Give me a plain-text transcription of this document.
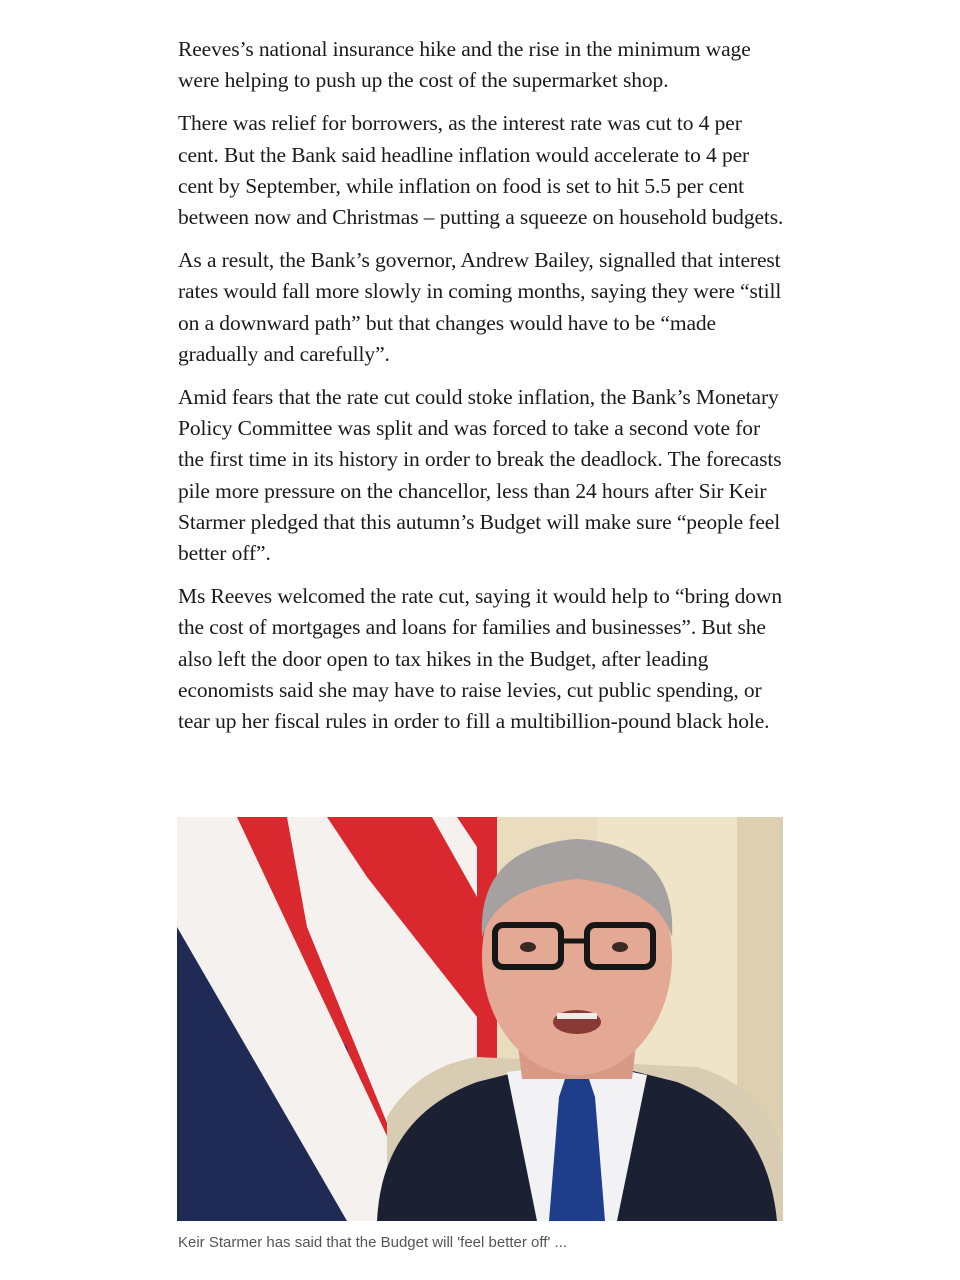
Reeves’s national insurance hike and the rise in the minimum wage were helping to push up the cost of the supermarket shop.

There was relief for borrowers, as the interest rate was cut to 4 per cent. But the Bank said headline inflation would accelerate to 4 per cent by September, while inflation on food is set to hit 5.5 per cent between now and Christmas – putting a squeeze on household budgets.

As a result, the Bank’s governor, Andrew Bailey, signalled that interest rates would fall more slowly in coming months, saying they were “still on a downward path” but that changes would have to be “made gradually and carefully”.

Amid fears that the rate cut could stoke inflation, the Bank’s Monetary Policy Committee was split and was forced to take a second vote for the first time in its history in order to break the deadlock. The forecasts pile more pressure on the chancellor, less than 24 hours after Sir Keir Starmer pledged that this autumn’s Budget will make sure “people feel better off”.

Ms Reeves welcomed the rate cut, saying it would help to “bring down the cost of mortgages and loans for families and businesses”. But she also left the door open to tax hikes in the Budget, after leading economists said she may have to raise levies, cut public spending, or tear up her fiscal rules in order to fill a multibillion-pound black hole.

Keir Starmer has said that the Budget will 'feel better off' ...
